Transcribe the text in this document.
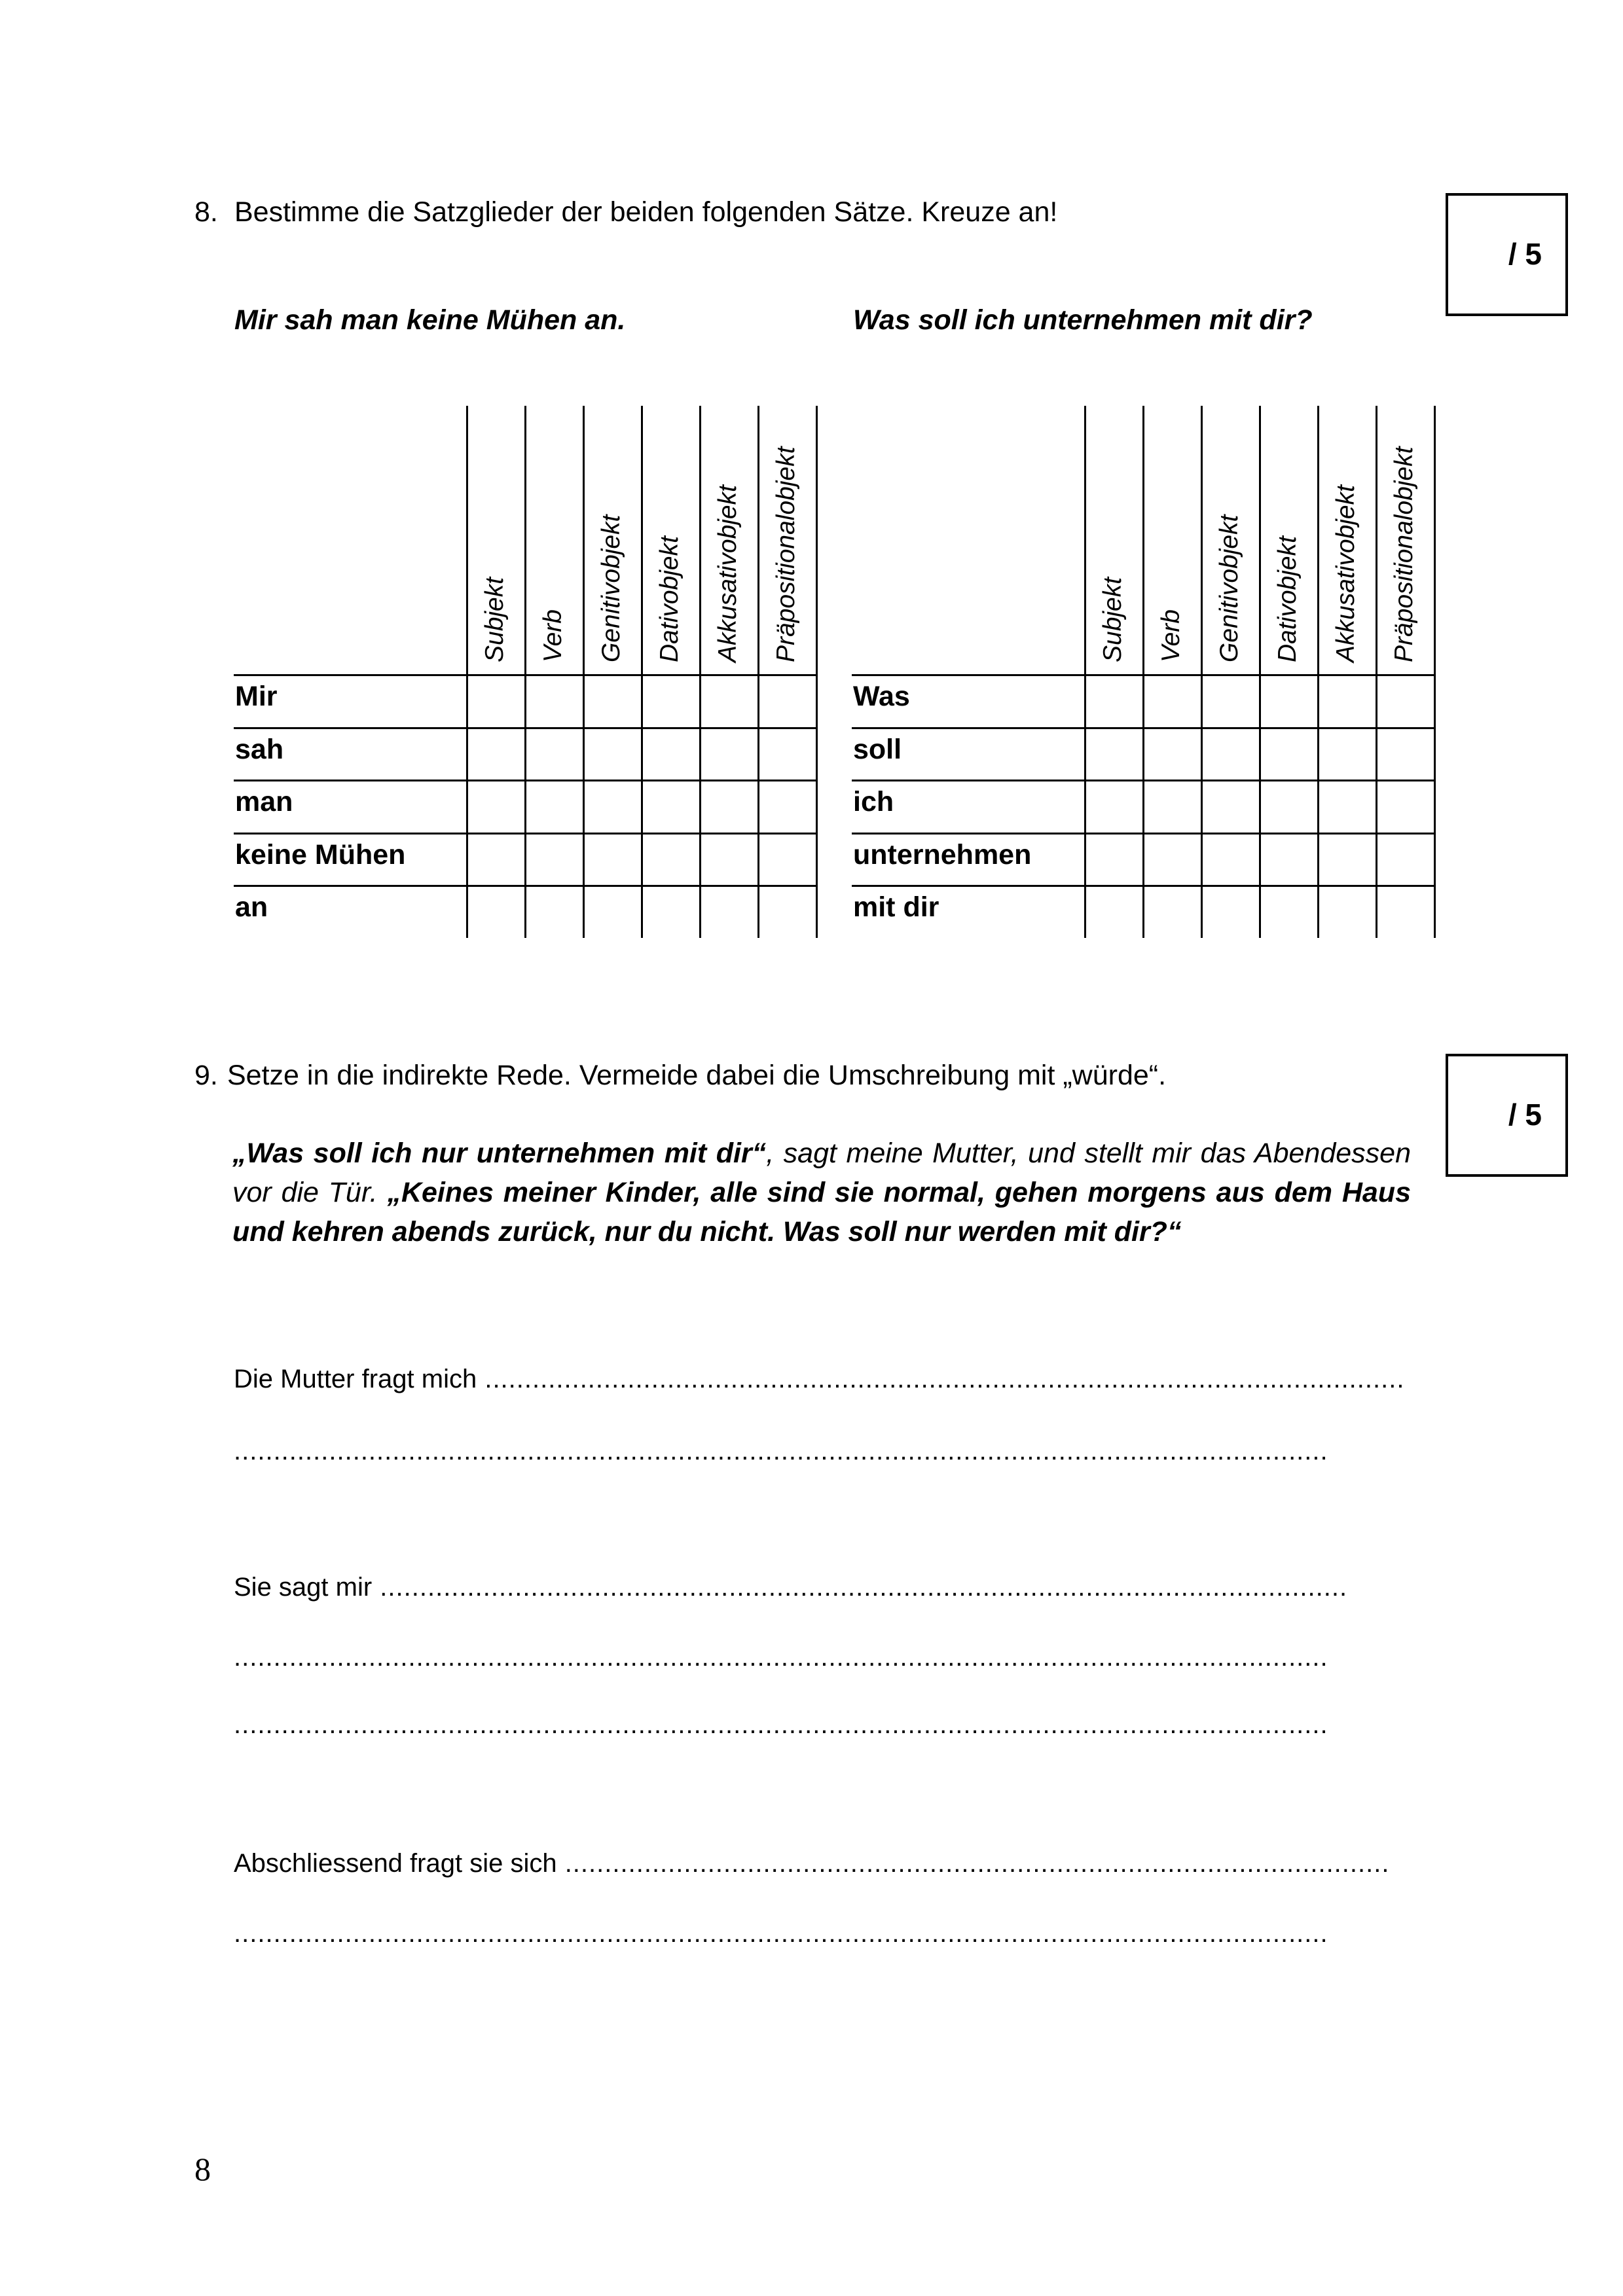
8. Bestimme die Satzglieder der beiden folgenden Sätze. Kreuze an!
/ 5
Mir sah man keine Mühen an.	Was soll ich unternehmen mit dir?
Subjekt Verb Genitivobjekt Dativobjekt Akkusativobjekt Präpositionalobjekt
Mir
sah
man
keine Mühen
an
Subjekt Verb Genitivobjekt Dativobjekt Akkusativobjekt Präpositionalobjekt
Was
soll
ich
unternehmen
mit dir
9. Setze in die indirekte Rede. Vermeide dabei die Umschreibung mit „würde“.
/ 5
„Was soll ich nur unternehmen mit dir“, sagt meine Mutter, und stellt mir das Abendessen vor die Tür. „Keines meiner Kinder, alle sind sie normal, gehen morgens aus dem Haus und kehren abends zurück, nur du nicht. Was soll nur werden mit dir?“
Die Mutter fragt mich ....................................................................................................................
..........................................................................................................................................
Sie sagt mir ..........................................................................................................................
..........................................................................................................................................
..........................................................................................................................................
Abschliessend fragt sie sich ........................................................................................................
..........................................................................................................................................
8
